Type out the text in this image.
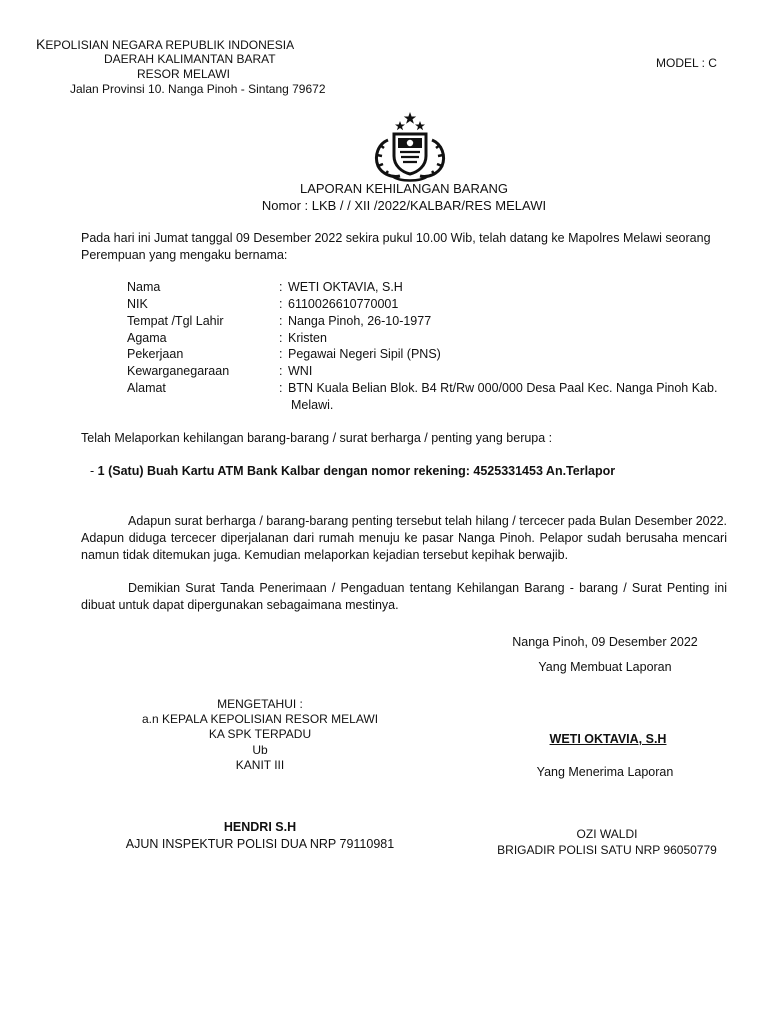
KEPOLISIAN NEGARA REPUBLIK INDONESIA
DAERAH KALIMANTAN BARAT
RESOR MELAWI
Jalan Provinsi 10. Nanga Pinoh - Sintang 79672
MODEL : C
LAPORAN KEHILANGAN BARANG
Nomor : LKB / / XII /2022/KALBAR/RES MELAWI
Pada hari ini Jumat tanggal 09 Desember 2022 sekira pukul 10.00 Wib, telah datang ke Mapolres Melawi seorang Perempuan yang mengaku bernama:
Nama	: WETI OKTAVIA, S.H
NIK	: 6110026610770001
Tempat /Tgl Lahir	: Nanga Pinoh, 26-10-1977
Agama	: Kristen
Pekerjaan	: Pegawai Negeri Sipil (PNS)
Kewarganegaraan	: WNI
Alamat	: BTN Kuala Belian Blok. B4 Rt/Rw 000/000 Desa Paal Kec. Nanga Pinoh Kab.
Melawi.
Telah Melaporkan kehilangan barang-barang / surat berharga / penting yang berupa :
- 1 (Satu) Buah Kartu ATM Bank Kalbar dengan nomor rekening: 4525331453 An.Terlapor
Adapun surat berharga / barang-barang penting tersebut telah hilang / tercecer pada Bulan Desember 2022. Adapun diduga tercecer diperjalanan dari rumah menuju ke pasar Nanga Pinoh. Pelapor sudah berusaha mencari namun tidak ditemukan juga. Kemudian melaporkan kejadian tersebut kepihak berwajib.
Demikian Surat Tanda Penerimaan / Pengaduan tentang Kehilangan Barang - barang / Surat Penting ini dibuat untuk dapat dipergunakan sebagaimana mestinya.
Nanga Pinoh, 09 Desember 2022
Yang Membuat Laporan
WETI OKTAVIA, S.H
Yang Menerima Laporan
OZI WALDI
BRIGADIR POLISI SATU NRP 96050779
MENGETAHUI :
a.n KEPALA KEPOLISIAN RESOR MELAWI
KA SPK TERPADU
Ub
KANIT III
HENDRI S.H
AJUN INSPEKTUR POLISI DUA NRP 79110981
